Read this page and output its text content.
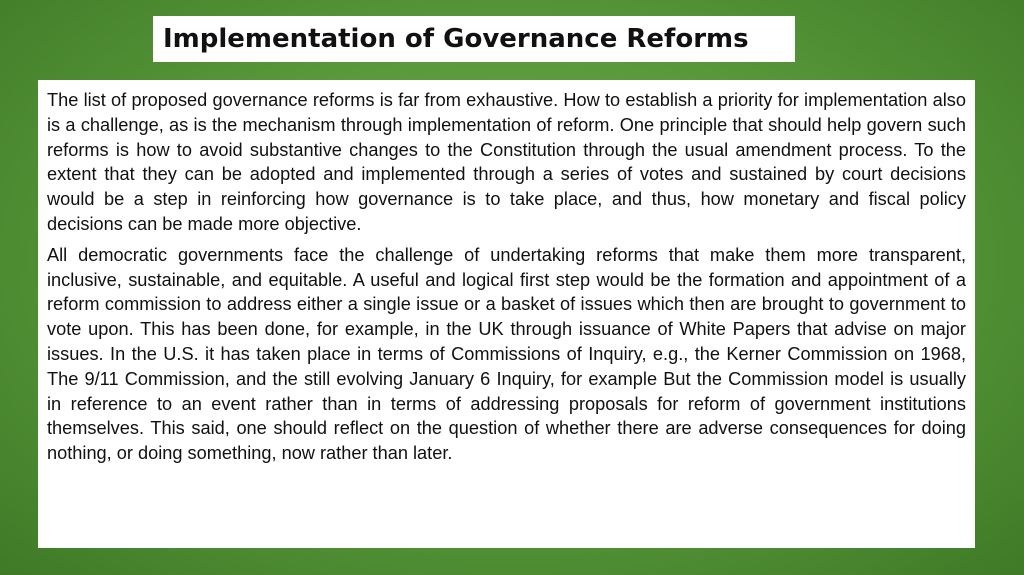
Implementation of Governance Reforms

The list of proposed governance reforms is far from exhaustive. How to establish a priority for implementation also is a challenge, as is the mechanism through implementation of reform. One principle that should help govern such reforms is how to avoid substantive changes to the Constitution through the usual amendment process. To the extent that they can be adopted and implemented through a series of votes and sustained by court decisions would be a step in reinforcing how governance is to take place, and thus, how monetary and fiscal policy decisions can be made more objective.

All democratic governments face the challenge of undertaking reforms that make them more transparent, inclusive, sustainable, and equitable. A useful and logical first step would be the formation and appointment of a reform commission to address either a single issue or a basket of issues which then are brought to government to vote upon. This has been done, for example, in the UK through issuance of White Papers that advise on major issues. In the U.S. it has taken place in terms of Commissions of Inquiry, e.g., the Kerner Commission on 1968, The 9/11 Commission, and the still evolving January 6 Inquiry, for example But the Commission model is usually in reference to an event rather than in terms of addressing proposals for reform of government institutions themselves. This said, one should reflect on the question of whether there are adverse consequences for doing nothing, or doing something, now rather than later.
